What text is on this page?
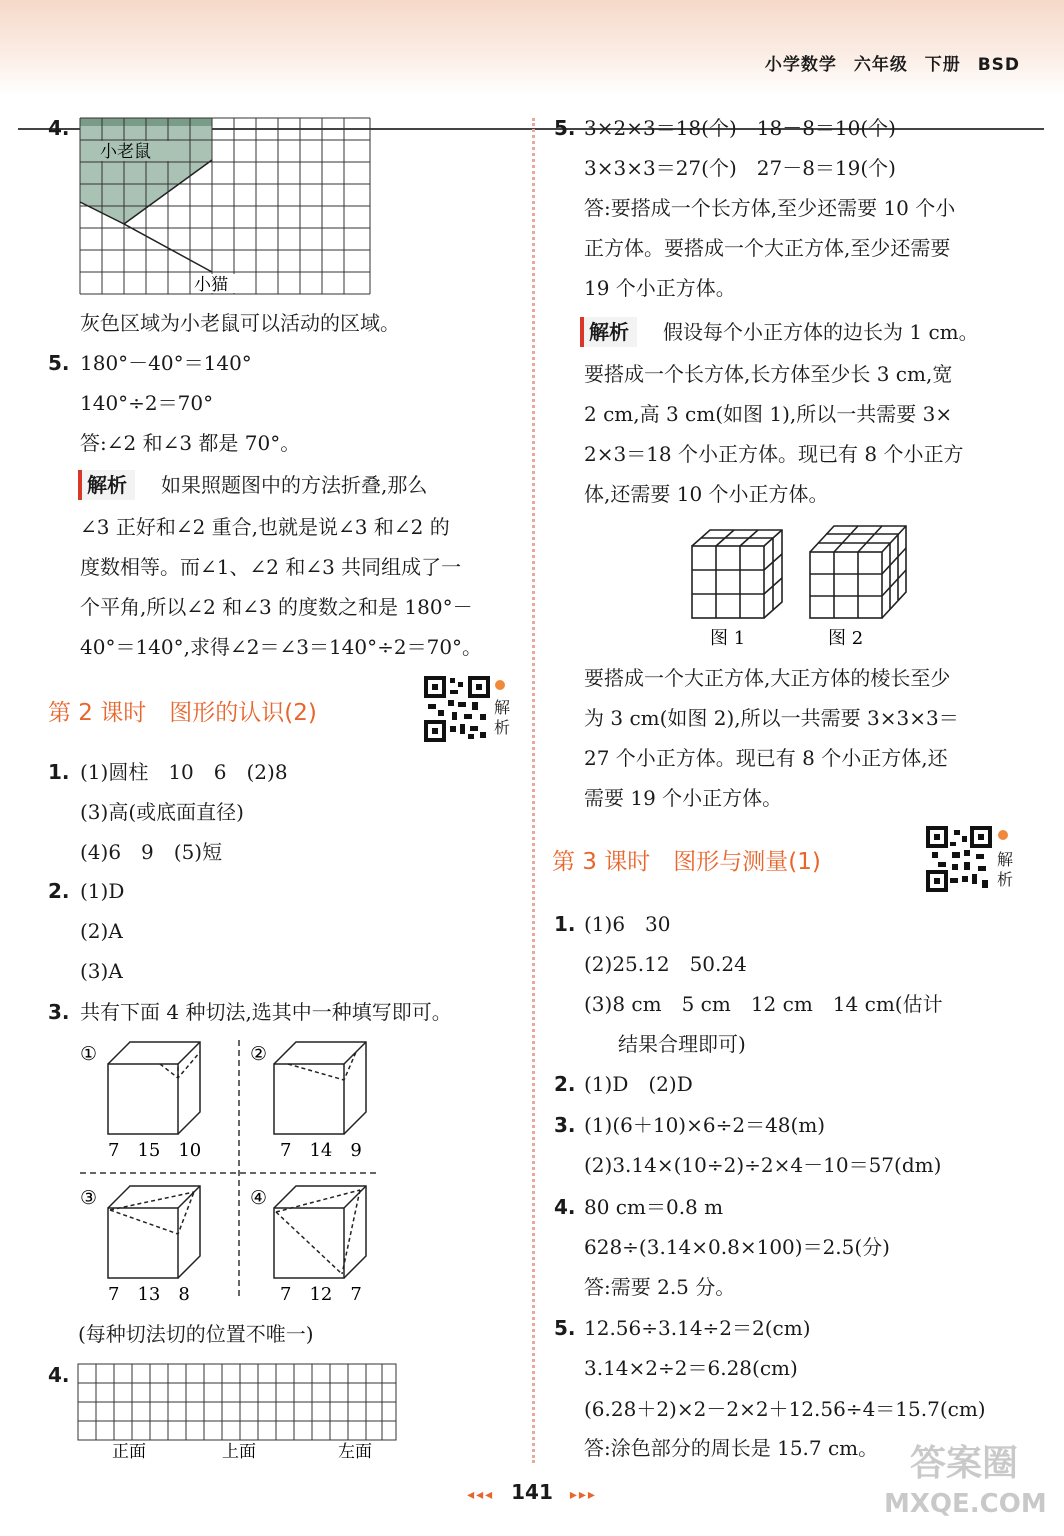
小学数学 六年级 下册 BSD
4.
小老鼠
小猫
灰色区域为小老鼠可以活动的区域。
5. 180°－40°＝140°
140°÷2＝70°
答:∠2 和∠3 都是 70°。
解析 如果照题图中的方法折叠,那么
∠3 正好和∠2 重合,也就是说∠3 和∠2 的
度数相等。而∠1、∠2 和∠3 共同组成了一
个平角,所以∠2 和∠3 的度数之和是 180°－
40°＝140°,求得∠2＝∠3＝140°÷2＝70°。
第 2 课时　图形的认识(2)	解析
1. (1)圆柱　10　6　(2)8
(3)高(或底面直径)
(4)6　9　(5)短
2. (1)D
(2)A
(3)A
3. 共有下面 4 种切法,选其中一种填写即可。
①	②
③	④
7　15　10	7　14　9
7　13　8	7　12　7
(每种切法切的位置不唯一)
4.
正面	上面	左面
5. 3×2×3＝18(个)　18－8＝10(个)
3×3×3＝27(个)　27－8＝19(个)
答:要搭成一个长方体,至少还需要 10 个小
正方体。要搭成一个大正方体,至少还需要
19 个小正方体。
解析 假设每个小正方体的边长为 1 cm。
要搭成一个长方体,长方体至少长 3 cm,宽
2 cm,高 3 cm(如图 1),所以一共需要 3×
2×3＝18 个小正方体。现已有 8 个小正方
体,还需要 10 个小正方体。
图 1	图 2
要搭成一个大正方体,大正方体的棱长至少
为 3 cm(如图 2),所以一共需要 3×3×3＝
27 个小正方体。现已有 8 个小正方体,还
需要 19 个小正方体。
第 3 课时　图形与测量(1)	解析
1. (1)6　30
(2)25.12　50.24
(3)8 cm　5 cm　12 cm　14 cm(估计
结果合理即可)
2. (1)D　(2)D
3. (1)(6＋10)×6÷2＝48(m)
(2)3.14×(10÷2)÷2×4－10＝57(dm)
4. 80 cm＝0.8 m
628÷(3.14×0.8×100)＝2.5(分)
答:需要 2.5 分。
5. 12.56÷3.14÷2＝2(cm)
3.14×2÷2＝6.28(cm)
(6.28＋2)×2－2×2＋12.56÷4＝15.7(cm)
答:涂色部分的周长是 15.7 cm。 答案圈
MXQE.COM
◂◂◂ 141 ▸▸▸
